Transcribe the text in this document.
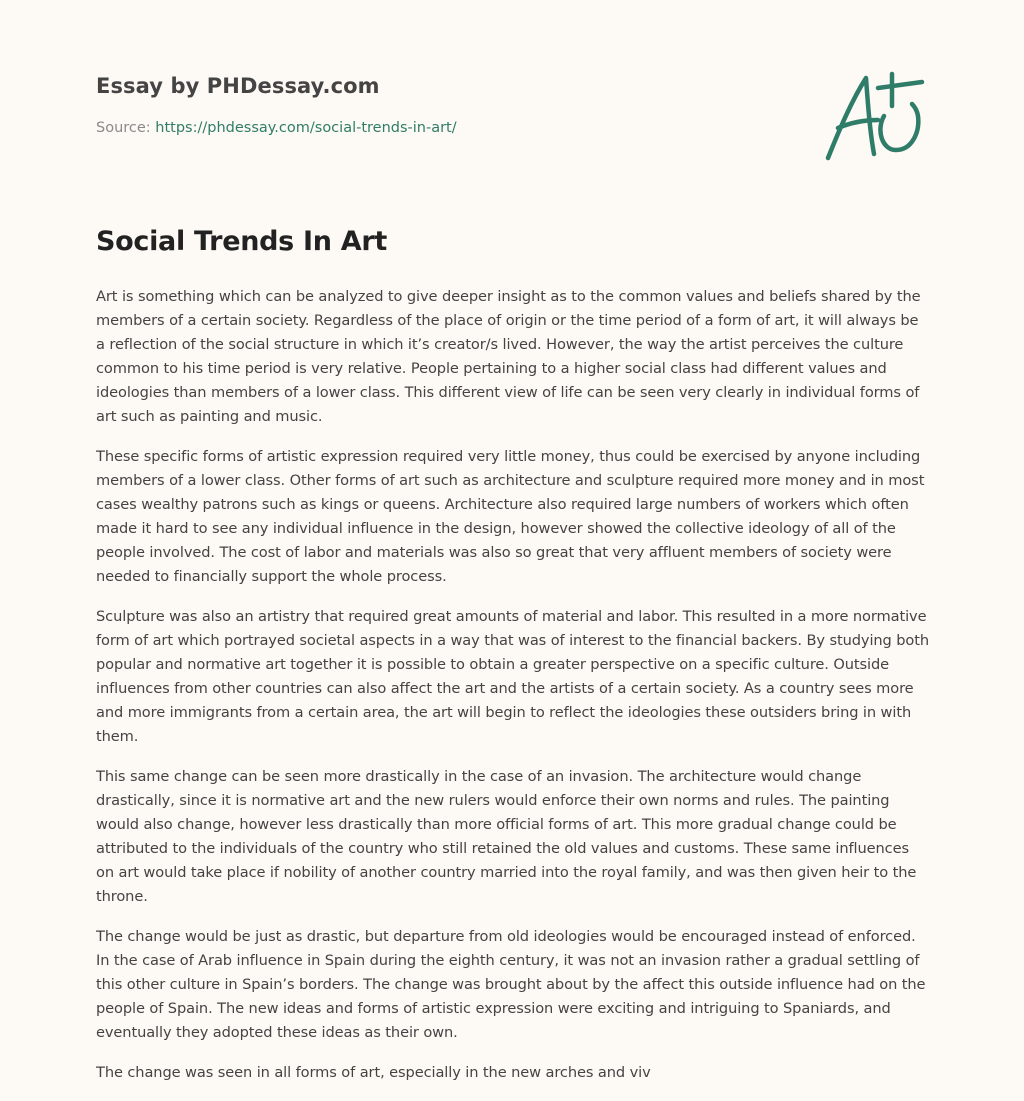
Essay by PHDessay.com
Source: https://phdessay.com/social-trends-in-art/
Social Trends In Art

Art is something which can be analyzed to give deeper insight as to the common values and beliefs shared by the members of a certain society. Regardless of the place of origin or the time period of a form of art, it will always be a reflection of the social structure in which it’s creator/s lived. However, the way the artist perceives the culture common to his time period is very relative. People pertaining to a higher social class had different values and ideologies than members of a lower class. This different view of life can be seen very clearly in individual forms of art such as painting and music.

These specific forms of artistic expression required very little money, thus could be exercised by anyone including members of a lower class. Other forms of art such as architecture and sculpture required more money and in most cases wealthy patrons such as kings or queens. Architecture also required large numbers of workers which often made it hard to see any individual influence in the design, however showed the collective ideology of all of the people involved. The cost of labor and materials was also so great that very affluent members of society were needed to financially support the whole process.

Sculpture was also an artistry that required great amounts of material and labor. This resulted in a more normative form of art which portrayed societal aspects in a way that was of interest to the financial backers. By studying both popular and normative art together it is possible to obtain a greater perspective on a specific culture. Outside influences from other countries can also affect the art and the artists of a certain society. As a country sees more and more immigrants from a certain area, the art will begin to reflect the ideologies these outsiders bring in with them.

This same change can be seen more drastically in the case of an invasion. The architecture would change drastically, since it is normative art and the new rulers would enforce their own norms and rules. The painting would also change, however less drastically than more official forms of art. This more gradual change could be attributed to the individuals of the country who still retained the old values and customs. These same influences on art would take place if nobility of another country married into the royal family, and was then given heir to the throne.

The change would be just as drastic, but departure from old ideologies would be encouraged instead of enforced. In the case of Arab influence in Spain during the eighth century, it was not an invasion rather a gradual settling of this other culture in Spain’s borders. The change was brought about by the affect this outside influence had on the people of Spain. The new ideas and forms of artistic expression were exciting and intriguing to Spaniards, and eventually they adopted these ideas as their own.

The change was seen in all forms of art, especially in the new arches and viv
